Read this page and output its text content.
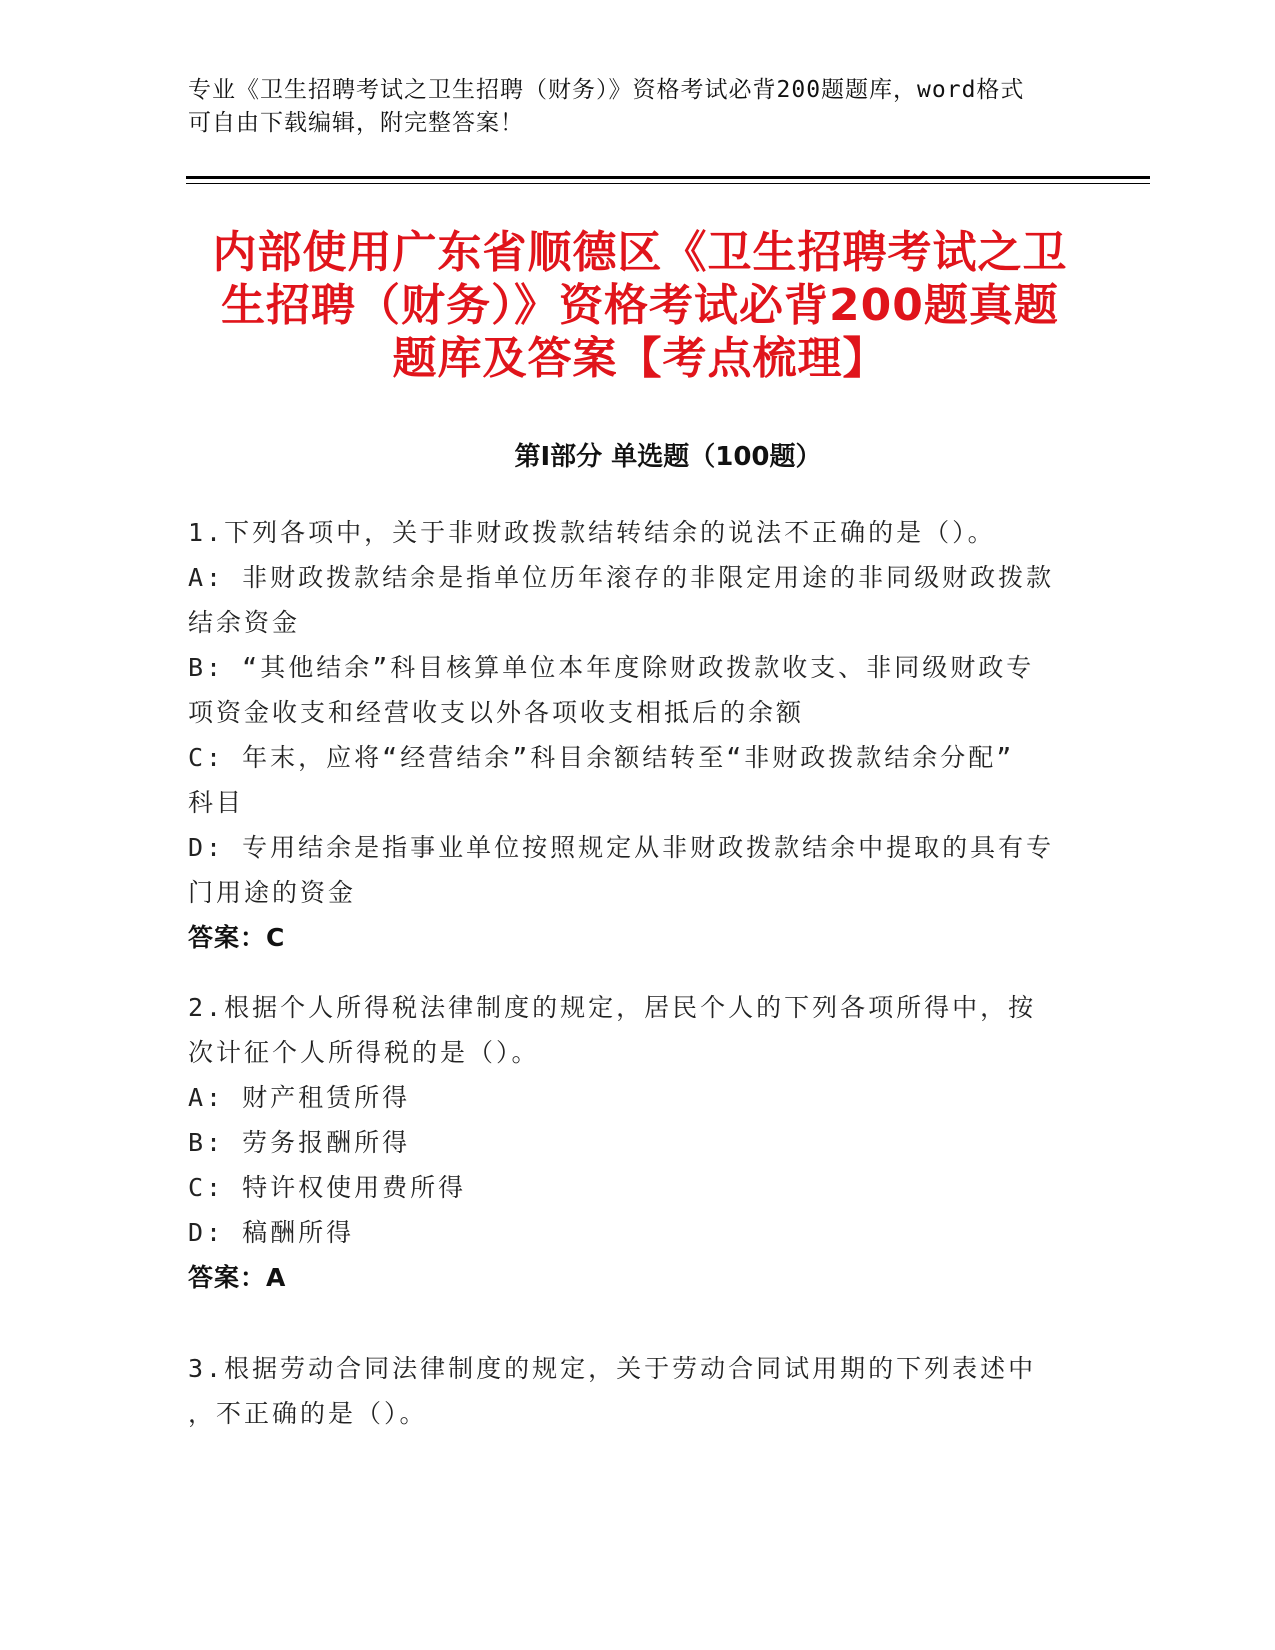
专业《卫生招聘考试之卫生招聘（财务）》资格考试必背200题题库，word格式
可自由下载编辑，附完整答案！
内部使用广东省顺德区《卫生招聘考试之卫
生招聘（财务）》资格考试必背200题真题
题库及答案【考点梳理】
第I部分 单选题（100题）
1.下列各项中，关于非财政拨款结转结余的说法不正确的是（）。
A: 非财政拨款结余是指单位历年滚存的非限定用途的非同级财政拨款
结余资金
B: “其他结余”科目核算单位本年度除财政拨款收支、非同级财政专
项资金收支和经营收支以外各项收支相抵后的余额
C: 年末，应将“经营结余”科目余额结转至“非财政拨款结余分配”
科目
D: 专用结余是指事业单位按照规定从非财政拨款结余中提取的具有专
门用途的资金
答案：C
2.根据个人所得税法律制度的规定，居民个人的下列各项所得中，按
次计征个人所得税的是（）。
A: 财产租赁所得
B: 劳务报酬所得
C: 特许权使用费所得
D: 稿酬所得
答案：A
3.根据劳动合同法律制度的规定，关于劳动合同试用期的下列表述中
，不正确的是（）。
